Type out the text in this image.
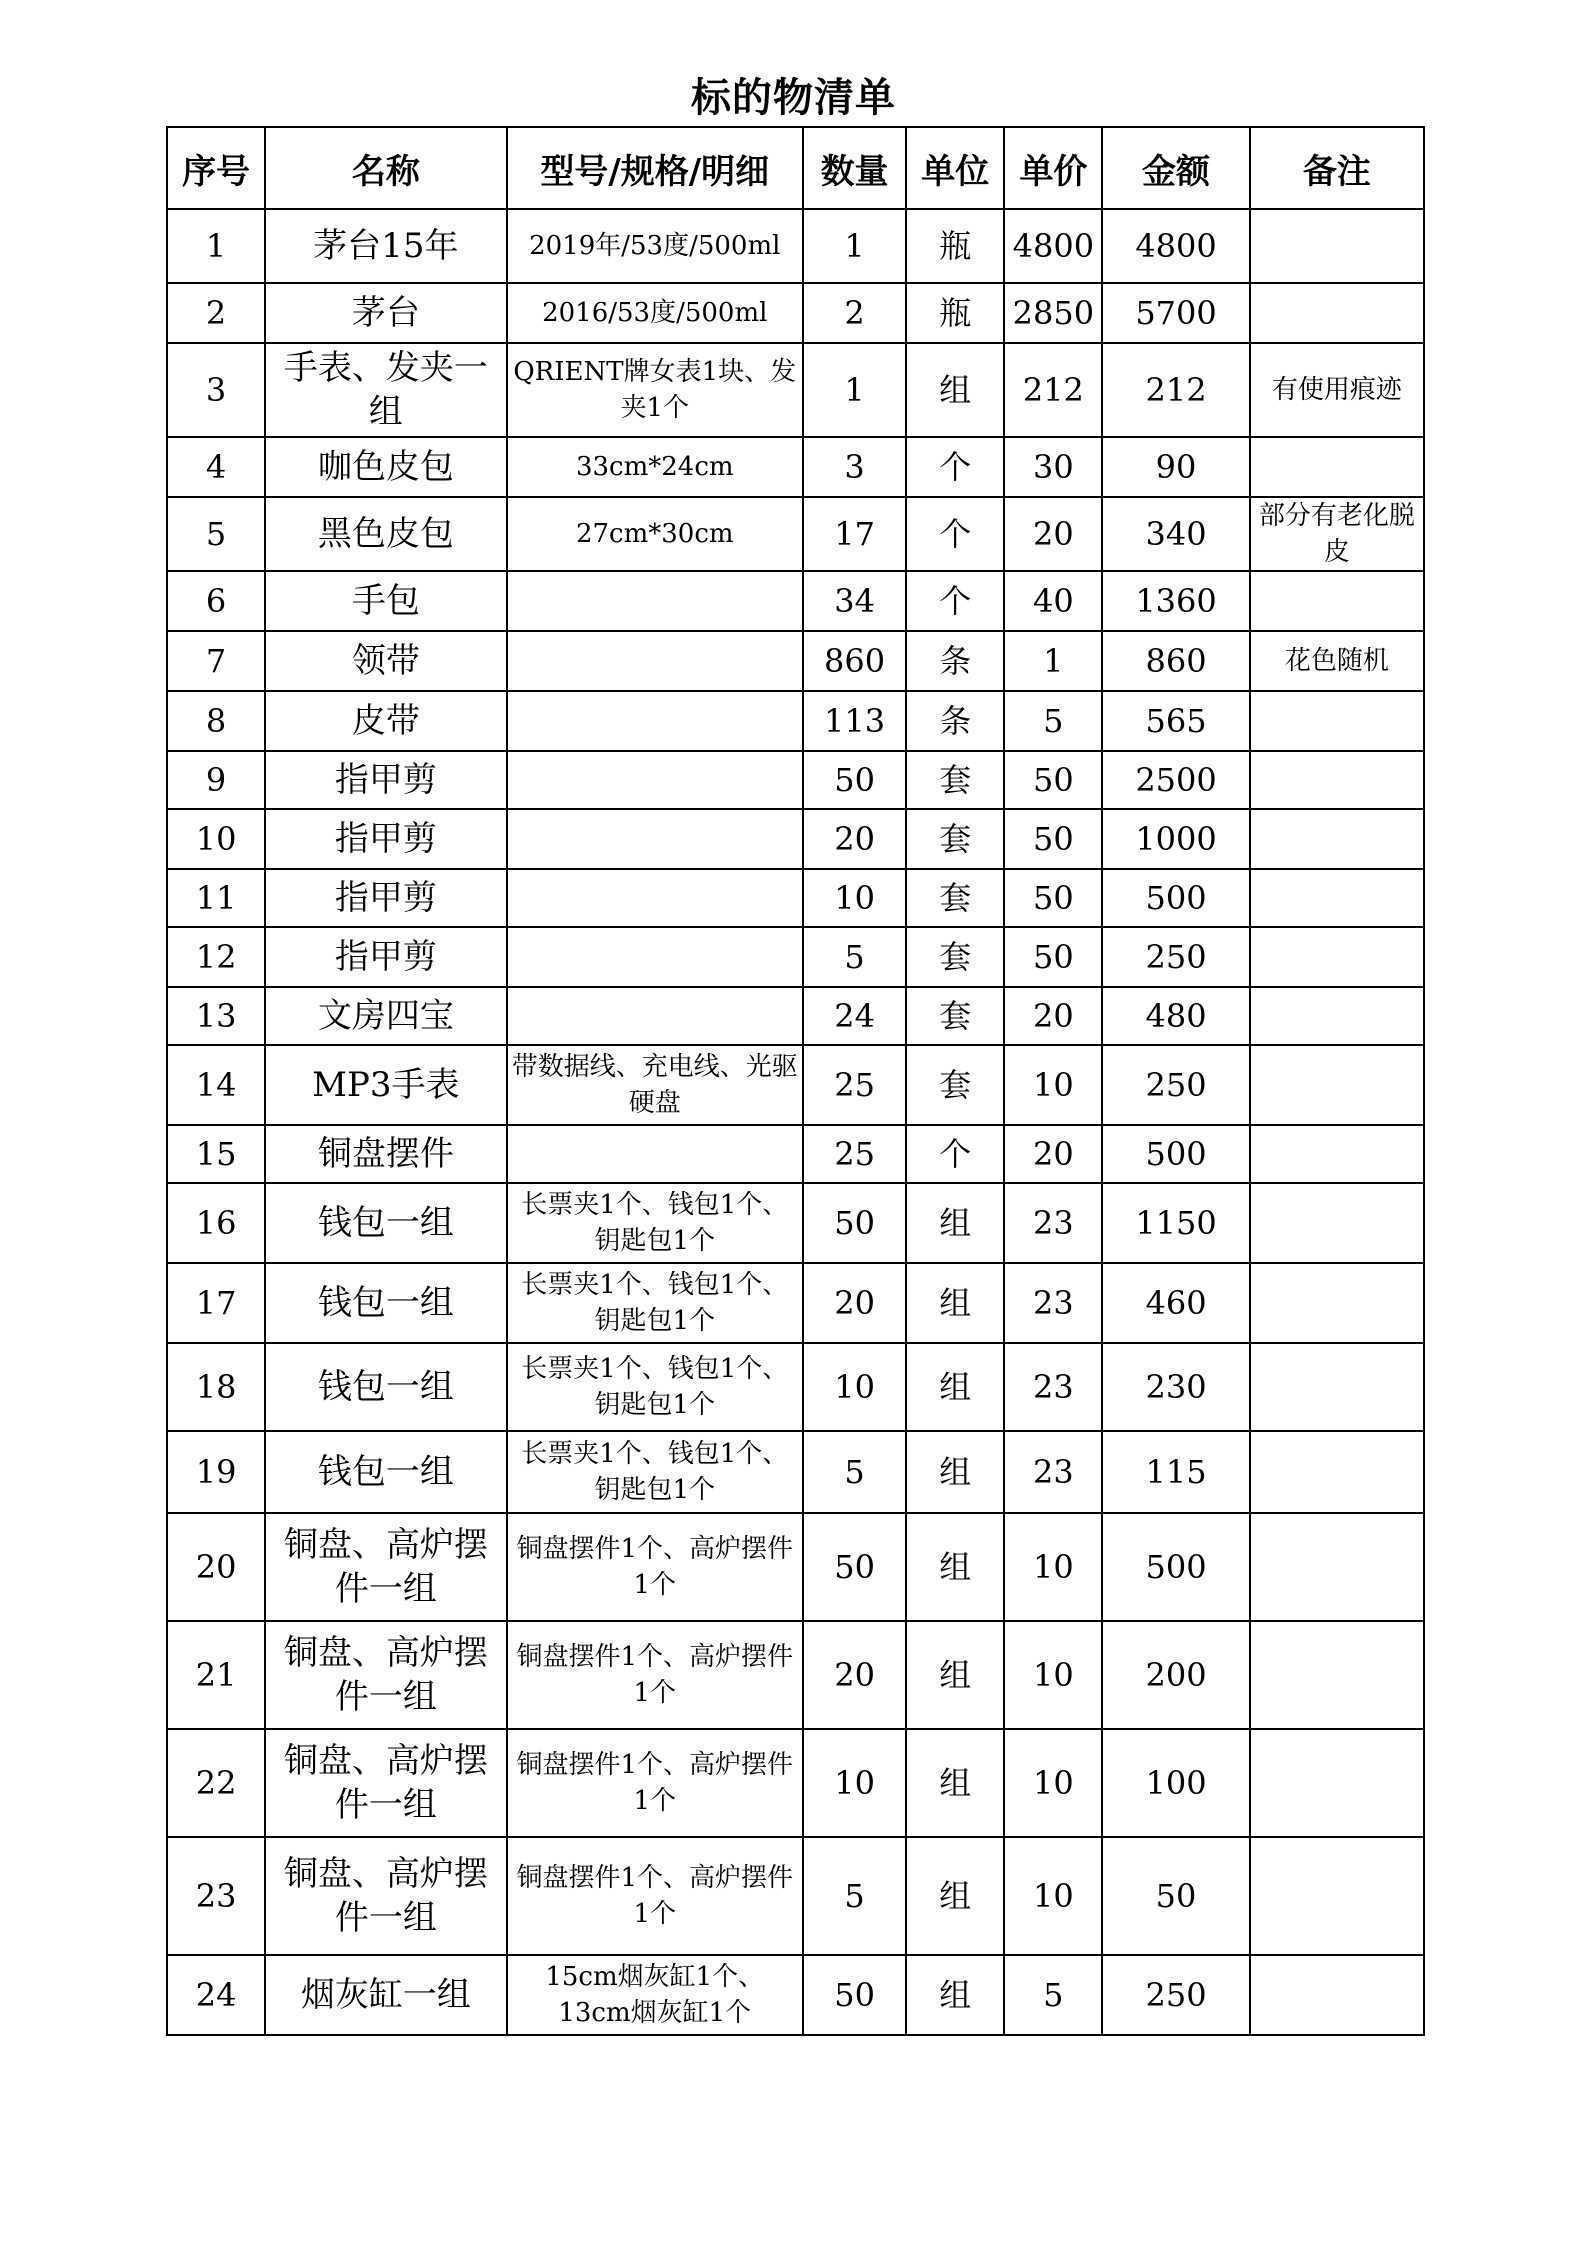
标的物清单
序号	名称	型号/规格/明细	数量	单位	单价	金额	备注
1	茅台15年	2019年/53度/500ml	1	瓶	4800	4800	
2	茅台	2016/53度/500ml	2	瓶	2850	5700	
3	手表、发夹一组	QRIENT牌女表1块、发夹1个	1	组	212	212	有使用痕迹
4	咖色皮包	33cm*24cm	3	个	30	90	
5	黑色皮包	27cm*30cm	17	个	20	340	部分有老化脱皮
6	手包		34	个	40	1360	
7	领带		860	条	1	860	花色随机
8	皮带		113	条	5	565	
9	指甲剪		50	套	50	2500	
10	指甲剪		20	套	50	1000	
11	指甲剪		10	套	50	500	
12	指甲剪		5	套	50	250	
13	文房四宝		24	套	20	480	
14	MP3手表	带数据线、充电线、光驱硬盘	25	套	10	250	
15	铜盘摆件		25	个	20	500	
16	钱包一组	长票夹1个、钱包1个、钥匙包1个	50	组	23	1150	
17	钱包一组	长票夹1个、钱包1个、钥匙包1个	20	组	23	460	
18	钱包一组	长票夹1个、钱包1个、钥匙包1个	10	组	23	230	
19	钱包一组	长票夹1个、钱包1个、钥匙包1个	5	组	23	115	
20	铜盘、高炉摆件一组	铜盘摆件1个、高炉摆件1个	50	组	10	500	
21	铜盘、高炉摆件一组	铜盘摆件1个、高炉摆件1个	20	组	10	200	
22	铜盘、高炉摆件一组	铜盘摆件1个、高炉摆件1个	10	组	10	100	
23	铜盘、高炉摆件一组	铜盘摆件1个、高炉摆件1个	5	组	10	50	
24	烟灰缸一组	15cm烟灰缸1个、13cm烟灰缸1个	50	组	5	250	
